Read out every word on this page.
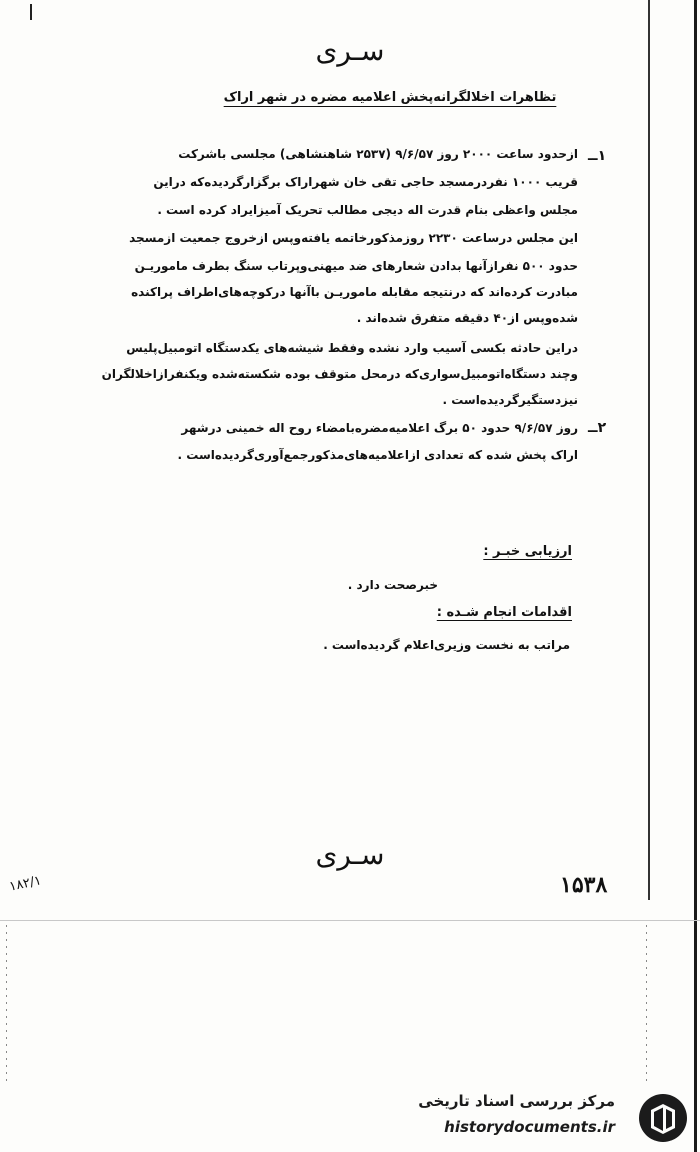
سـری
تظاهرات اخلالگرانه‌پخش اعلامیه مضره در شهر اراک
۱ــ
ازحدود ساعت ۲۰۰۰ روز ۹/۶/۵۷ (۲۵۳۷ شاهنشاهی) مجلسی باشرکت
قریب ۱۰۰۰ نفردرمسجد حاجی تقی خان شهراراک برگزارگردیده‌که دراین
مجلس واعظی بنام قدرت اله دیجی مطالب تحریک آمیزایراد کرده است .
این مجلس درساعت ۲۲۳۰ روزمذکورخاتمه یافته‌وپس ازخروج جمعیت ازمسجد
حدود ۵۰۰ نفرازآنها بدادن شعارهای ضد میهنی‌وپرتاب سنگ بطرف ماموریـن
مبادرت کرده‌اند که درنتیجه مقابله ماموریـن باآنها درکوچه‌های‌اطراف پراکنده
شده‌وپس از۴۰ دقیقه متفرق شده‌اند .
دراین حادثه بکسی آسیب وارد نشده‌ وفقط شیشه‌های یکدستگاه اتومبیل‌پلیس
وچند دستگاه‌اتومبیل‌سواری‌که درمحل متوقف بوده شکسته‌شده‌ ویکنفرازاخلالگران
نیزدستگیرگردیده‌است .
۲ــ
روز ۹/۶/۵۷ حدود ۵۰ برگ اعلامیه‌مضره‌بامضاء روح اله خمینی درشهر
اراک پخش شده‌ که تعدادی ازاعلامیه‌های‌مذکورجمع‌آوری‌گردیده‌است .
ارزیابی خبـر :
خبرصحت دارد .
اقدامات انجام شـده :
مراتب به نخست وزیری‌اعلام گردیده‌است .
سـری
۱۵۳۸
۱۸۲/۱
مرکز بررسی اسناد تاریخی
historydocuments.ir
